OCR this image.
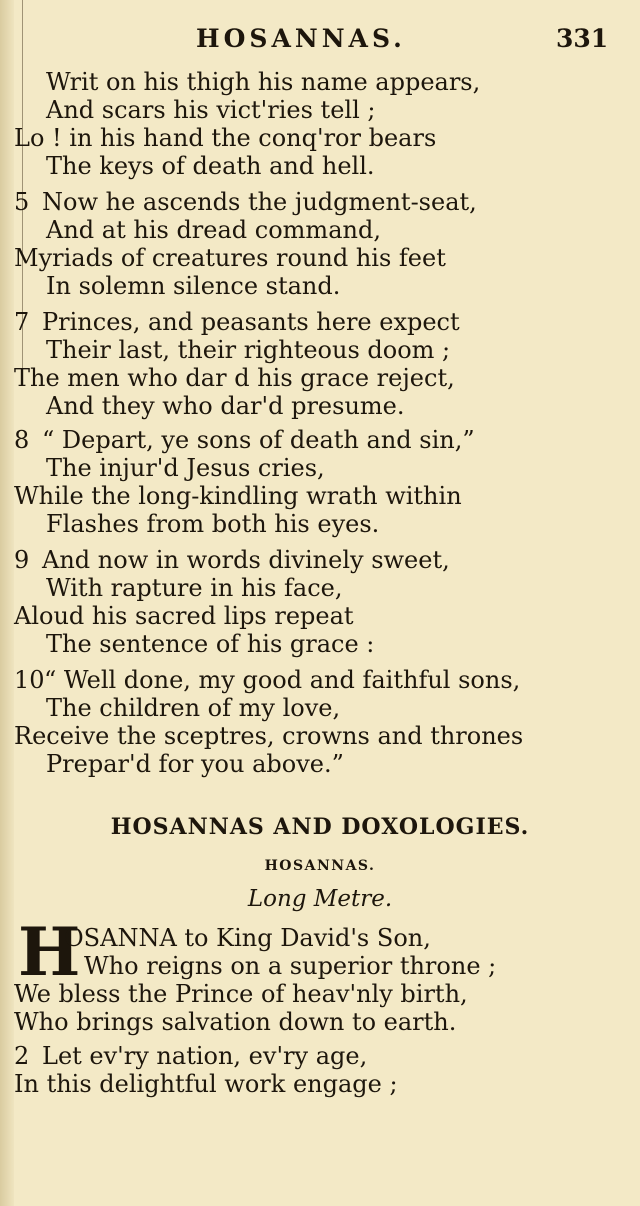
HOSANNAS.	331
Writ on his thigh his name appears,
And scars his vict'ries tell ;
Lo ! in his hand the conq'ror bears
The keys of death and hell.
5 Now he ascends the judgment-seat,
And at his dread command,
Myriads of creatures round his feet
In solemn silence stand.
7 Princes, and peasants here expect
Their last, their righteous doom ;
The men who dar d his grace reject,
And they who dar'd presume.
8 “ Depart, ye sons of death and sin,”
The injur'd Jesus cries,
While the long-kindling wrath within
Flashes from both his eyes.
9 And now in words divinely sweet,
With rapture in his face,
Aloud his sacred lips repeat
The sentence of his grace :
10“ Well done, my good and faithful sons,
The children of my love,
Receive the sceptres, crowns and thrones
Prepar'd for you above.”
HOSANNAS AND DOXOLOGIES.
HOSANNAS.
Long Metre.
H
OSANNA to King David's Son,
Who reigns on a superior throne ;
We bless the Prince of heav'nly birth,
Who brings salvation down to earth.
2 Let ev'ry nation, ev'ry age,
In this delightful work engage ;
